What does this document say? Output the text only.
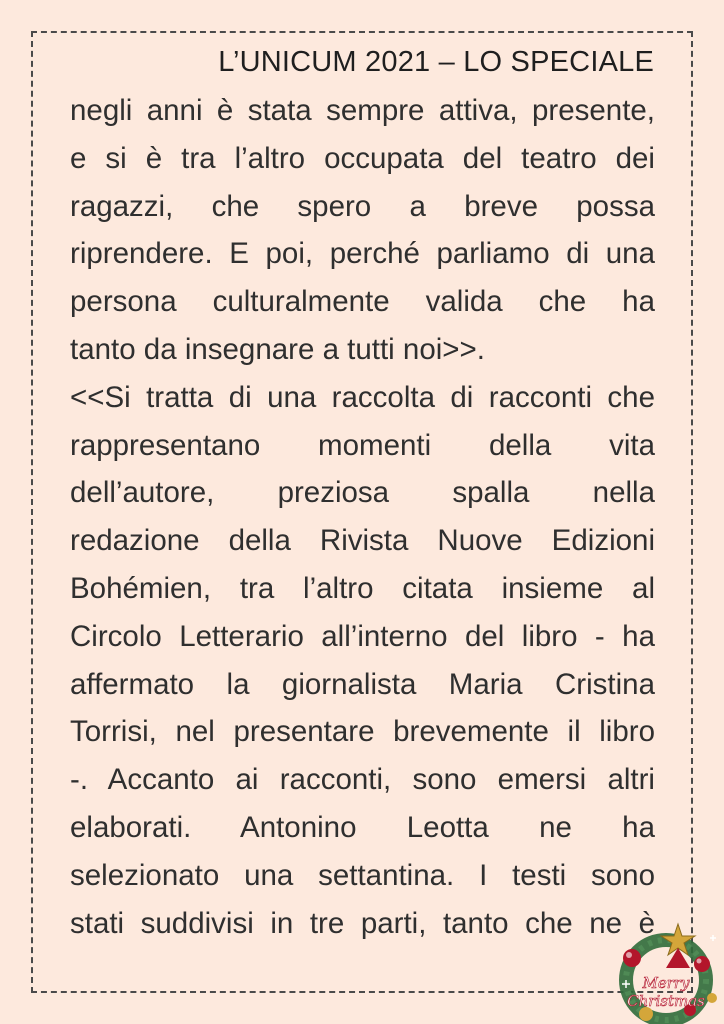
L’UNICUM 2021 – LO SPECIALE
negli anni è stata sempre attiva, presente,
e si è tra l’altro occupata del teatro dei
ragazzi, che spero a breve possa
riprendere. E poi, perché parliamo di una
persona culturalmente valida che ha
tanto da insegnare a tutti noi>>.
<<Si tratta di una raccolta di racconti che
rappresentano momenti della vita
dell’autore, preziosa spalla nella
redazione della Rivista Nuove Edizioni
Bohémien, tra l’altro citata insieme al
Circolo Letterario all’interno del libro - ha
affermato la giornalista Maria Cristina
Torrisi, nel presentare brevemente il libro
-. Accanto ai racconti, sono emersi altri
elaborati. Antonino Leotta ne ha
selezionato una settantina. I testi sono
stati suddivisi in tre parti, tanto che ne è
Merry
Christmas
